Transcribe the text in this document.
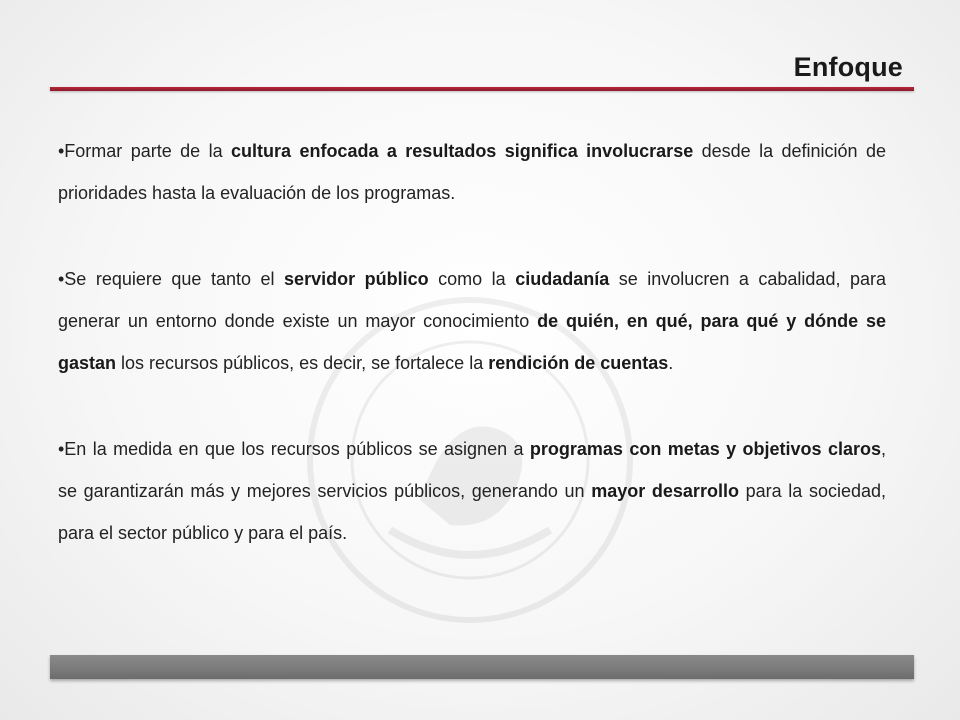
Enfoque

•Formar parte de la cultura enfocada a resultados significa involucrarse desde la definición de prioridades hasta la evaluación de los programas.

•Se requiere que tanto el servidor público como la ciudadanía se involucren a cabalidad, para generar un entorno donde existe un mayor conocimiento de quién, en qué, para qué y dónde se gastan los recursos públicos, es decir, se fortalece la rendición de cuentas.

•En la medida en que los recursos públicos se asignen a programas con metas y objetivos claros, se garantizarán más y mejores servicios públicos, generando un mayor desarrollo para la sociedad, para el sector público y para el país.
